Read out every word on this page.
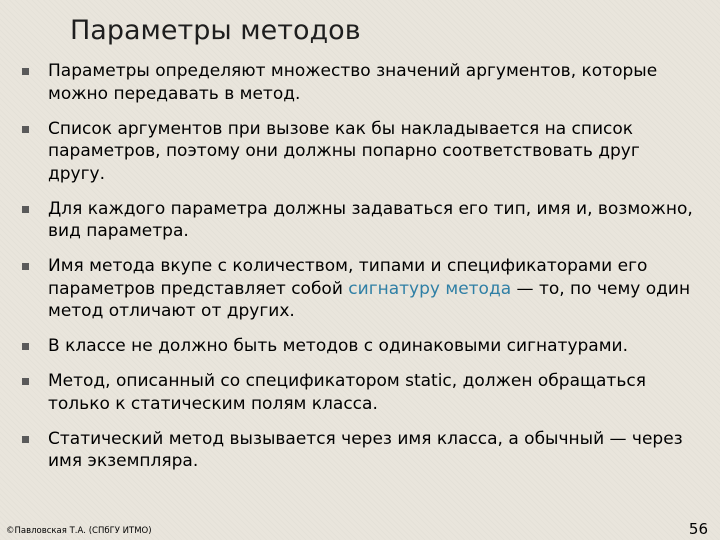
Параметры методов
Параметры определяют множество значений аргументов, которые можно передавать в метод.
Список аргументов при вызове как бы накладывается на список параметров, поэтому они должны попарно соответствовать друг другу.
Для каждого параметра должны задаваться его тип, имя и, возможно, вид параметра.
Имя метода вкупе с количеством, типами и спецификаторами его параметров представляет собой сигнатуру метода — то, по чему один метод отличают от других.
В классе не должно быть методов с одинаковыми сигнатурами.
Метод, описанный со спецификатором static, должен обращаться только к статическим полям класса.
Статический метод вызывается через имя класса, а обычный — через имя экземпляра.
©Павловская Т.А. (СПбГУ ИТМО)	56
